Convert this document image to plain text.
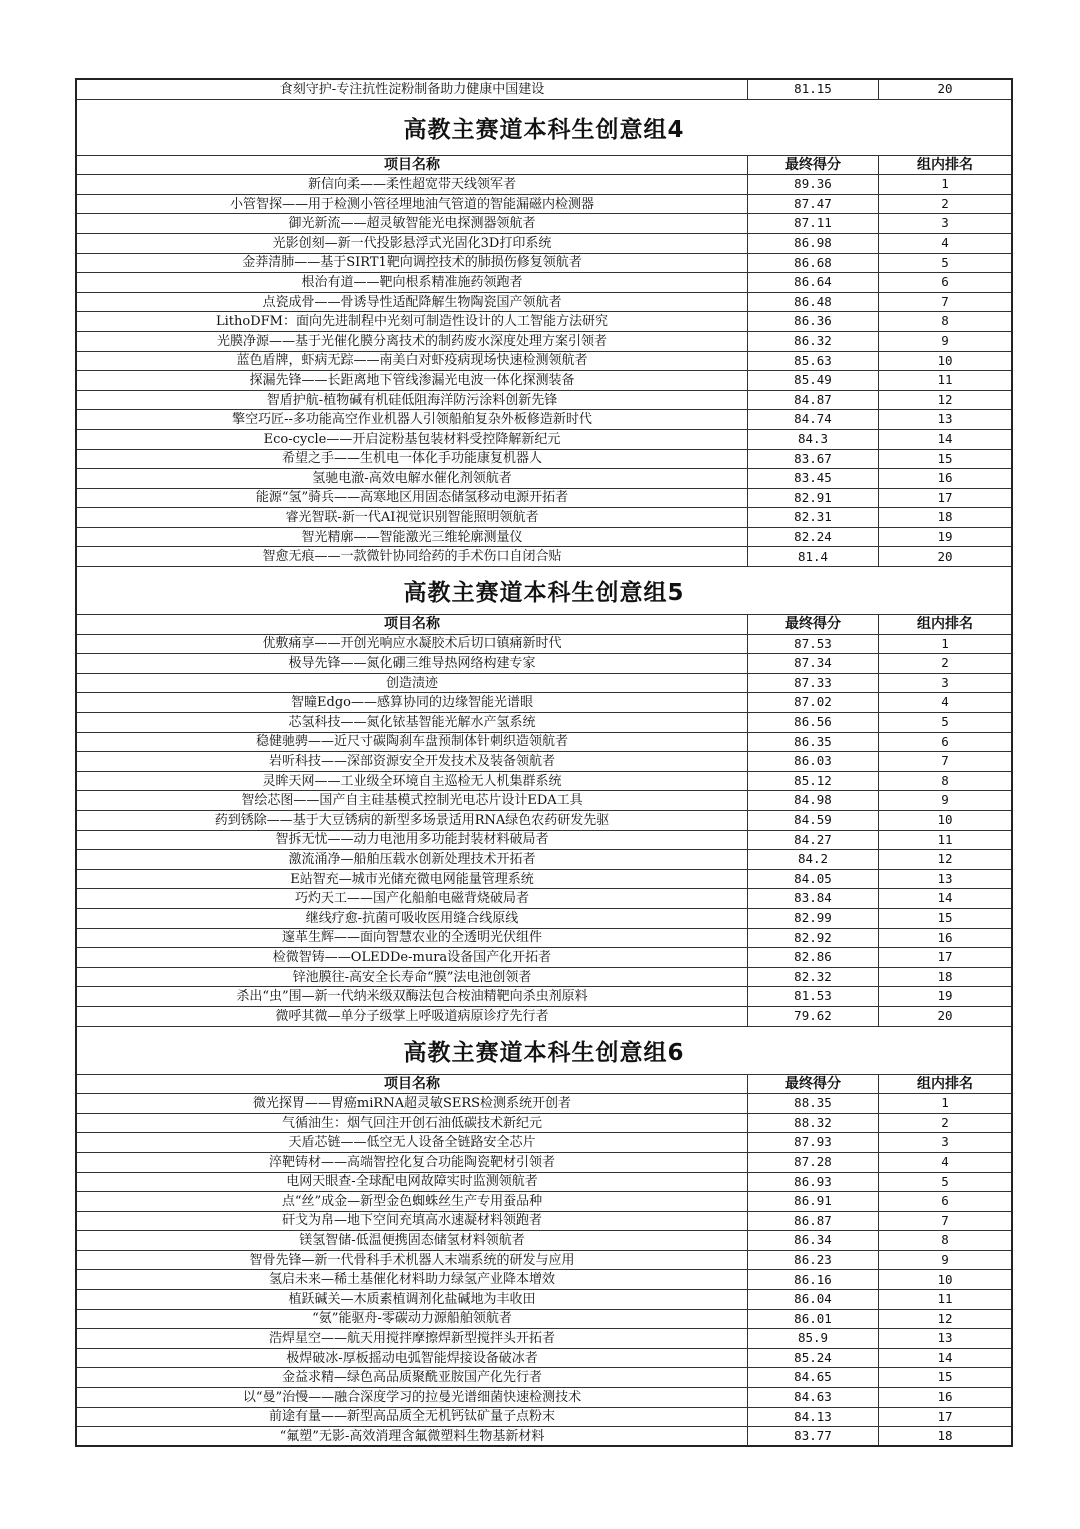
食刻守护-专注抗性淀粉制备助力健康中国建设	81.15	20
高教主赛道本科生创意组4
项目名称	最终得分	组内排名
新信向柔——柔性超宽带天线领军者	89.36	1
小管智探——用于检测小管径埋地油气管道的智能漏磁内检测器	87.47	2
御光新流——超灵敏智能光电探测器领航者	87.11	3
光影创刻—新一代投影悬浮式光固化3D打印系统	86.98	4
金莽清肺——基于SIRT1靶向调控技术的肺损伤修复领航者	86.68	5
根治有道——靶向根系精准施药领跑者	86.64	6
点瓷成骨——骨诱导性适配降解生物陶瓷国产领航者	86.48	7
LithoDFM：面向先进制程中光刻可制造性设计的人工智能方法研究	86.36	8
光膜净源——基于光催化膜分离技术的制药废水深度处理方案引领者	86.32	9
蓝色盾牌，虾病无踪——南美白对虾疫病现场快速检测领航者	85.63	10
探漏先锋——长距离地下管线渗漏光电波一体化探测装备	85.49	11
智盾护航-植物碱有机硅低阻海洋防污涂料创新先锋	84.87	12
擎空巧匠--多功能高空作业机器人引领船舶复杂外板修造新时代	84.74	13
Eco-cycle——开启淀粉基包装材料受控降解新纪元	84.3	14
希望之手——生机电一体化手功能康复机器人	83.67	15
氢驰电澈-高效电解水催化剂领航者	83.45	16
能源“氢”骑兵——高寒地区用固态储氢移动电源开拓者	82.91	17
睿光智联-新一代AI视觉识别智能照明领航者	82.31	18
智光精廓——智能激光三维轮廓测量仪	82.24	19
智愈无痕——一款微针协同给药的手术伤口自闭合贴	81.4	20
高教主赛道本科生创意组5
项目名称	最终得分	组内排名
优敷痛享——开创光响应水凝胶术后切口镇痛新时代	87.53	1
极导先锋——氮化硼三维导热网络构建专家	87.34	2
创造渍迹	87.33	3
智瞳Edgo——感算协同的边缘智能光谱眼	87.02	4
芯氢科技——氮化铱基智能光解水产氢系统	86.56	5
稳健驰骋——近尺寸碳陶刹车盘预制体针刺织造领航者	86.35	6
岩听科技——深部资源安全开发技术及装备领航者	86.03	7
灵眸天网——工业级全环境自主巡检无人机集群系统	85.12	8
智绘芯图——国产自主硅基模式控制光电芯片设计EDA工具	84.98	9
药到锈除——基于大豆锈病的新型多场景适用RNA绿色农药研发先驱	84.59	10
智拆无忧——动力电池用多功能封装材料破局者	84.27	11
激流涌净—船舶压载水创新处理技术开拓者	84.2	12
E站智充—城市光储充微电网能量管理系统	84.05	13
巧灼天工——国产化船舶电磁背烧破局者	83.84	14
继线疗愈-抗菌可吸收医用缝合线原线	82.99	15
邃革生辉——面向智慧农业的全透明光伏组件	82.92	16
检微智铸——OLEDDe-mura设备国产化开拓者	82.86	17
锌池膜往-高安全长寿命“膜”法电池创领者	82.32	18
杀出“虫”围—新一代纳米级双酶法包合桉油精靶向杀虫剂原料	81.53	19
微呼其微—单分子级掌上呼吸道病原诊疗先行者	79.62	20
高教主赛道本科生创意组6
项目名称	最终得分	组内排名
微光探胃——胃癌miRNA超灵敏SERS检测系统开创者	88.35	1
气循油生：烟气回注开创石油低碳技术新纪元	88.32	2
天盾芯链——低空无人设备全链路安全芯片	87.93	3
淬靶铸材——高端智控化复合功能陶瓷靶材引领者	87.28	4
电网天眼查-全球配电网故障实时监测领航者	86.93	5
点“丝”成金—新型金色蜘蛛丝生产专用蚕品种	86.91	6
矸戈为帛—地下空间充填高水速凝材料领跑者	86.87	7
镁氢智储-低温便携固态储氢材料领航者	86.34	8
智骨先锋—新一代骨科手术机器人末端系统的研发与应用	86.23	9
氢启未来—稀土基催化材料助力绿氢产业降本增效	86.16	10
植跃碱关—木质素植调剂化盐碱地为丰收田	86.04	11
“氨”能驱舟-零碳动力源船舶领航者	86.01	12
浩焊星空——航天用搅拌摩擦焊新型搅拌头开拓者	85.9	13
极焊破冰-厚板摇动电弧智能焊接设备破冰者	85.24	14
金益求精—绿色高品质聚酰亚胺国产化先行者	84.65	15
以“曼”治慢——融合深度学习的拉曼光谱细菌快速检测技术	84.63	16
前途有量——新型高品质全无机钙钛矿量子点粉末	84.13	17
“氟塑”无影-高效消理含氟微塑料生物基新材料	83.77	18
